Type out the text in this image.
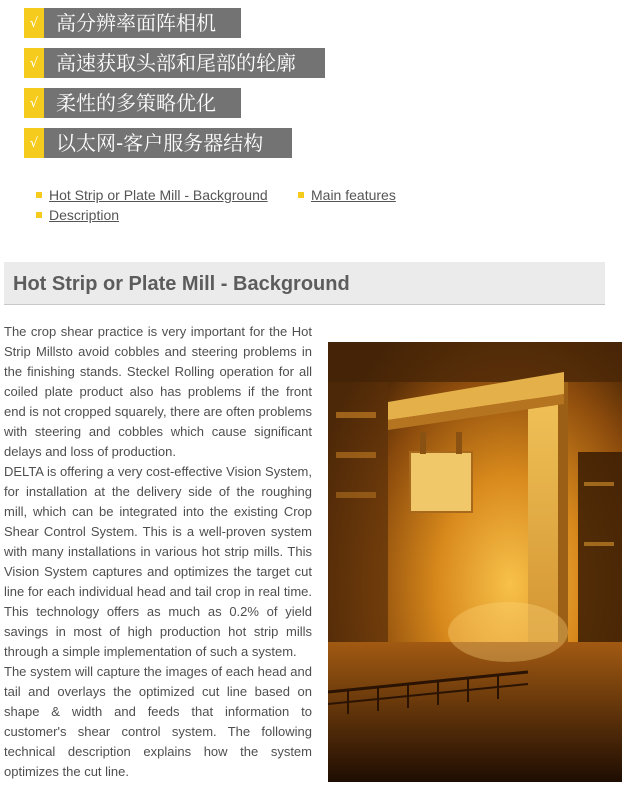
√ 高分辨率面阵相机
√ 高速获取头部和尾部的轮廓
√ 柔性的多策略优化
√ 以太网-客户服务器结构
Hot Strip or Plate Mill - Background	Main features
Description
Hot Strip or Plate Mill - Background

The crop shear practice is very important for the Hot Strip Millsto avoid cobbles and steering problems in the finishing stands. Steckel Rolling operation for all coiled plate product also has problems if the front end is not cropped squarely, there are often problems with steering and cobbles which cause significant delays and loss of production.

DELTA is offering a very cost-effective Vision System, for installation at the delivery side of the roughing mill, which can be integrated into the existing Crop Shear Control System. This is a well-proven system with many installations in various hot strip mills. This Vision System captures and optimizes the target cut line for each individual head and tail crop in real time. This technology offers as much as 0.2% of yield savings in most of high production hot strip mills through a simple implementation of such a system.

The system will capture the images of each head and tail and overlays the optimized cut line based on shape & width and feeds that information to customer's shear control system. The following technical description explains how the system optimizes the cut line.
